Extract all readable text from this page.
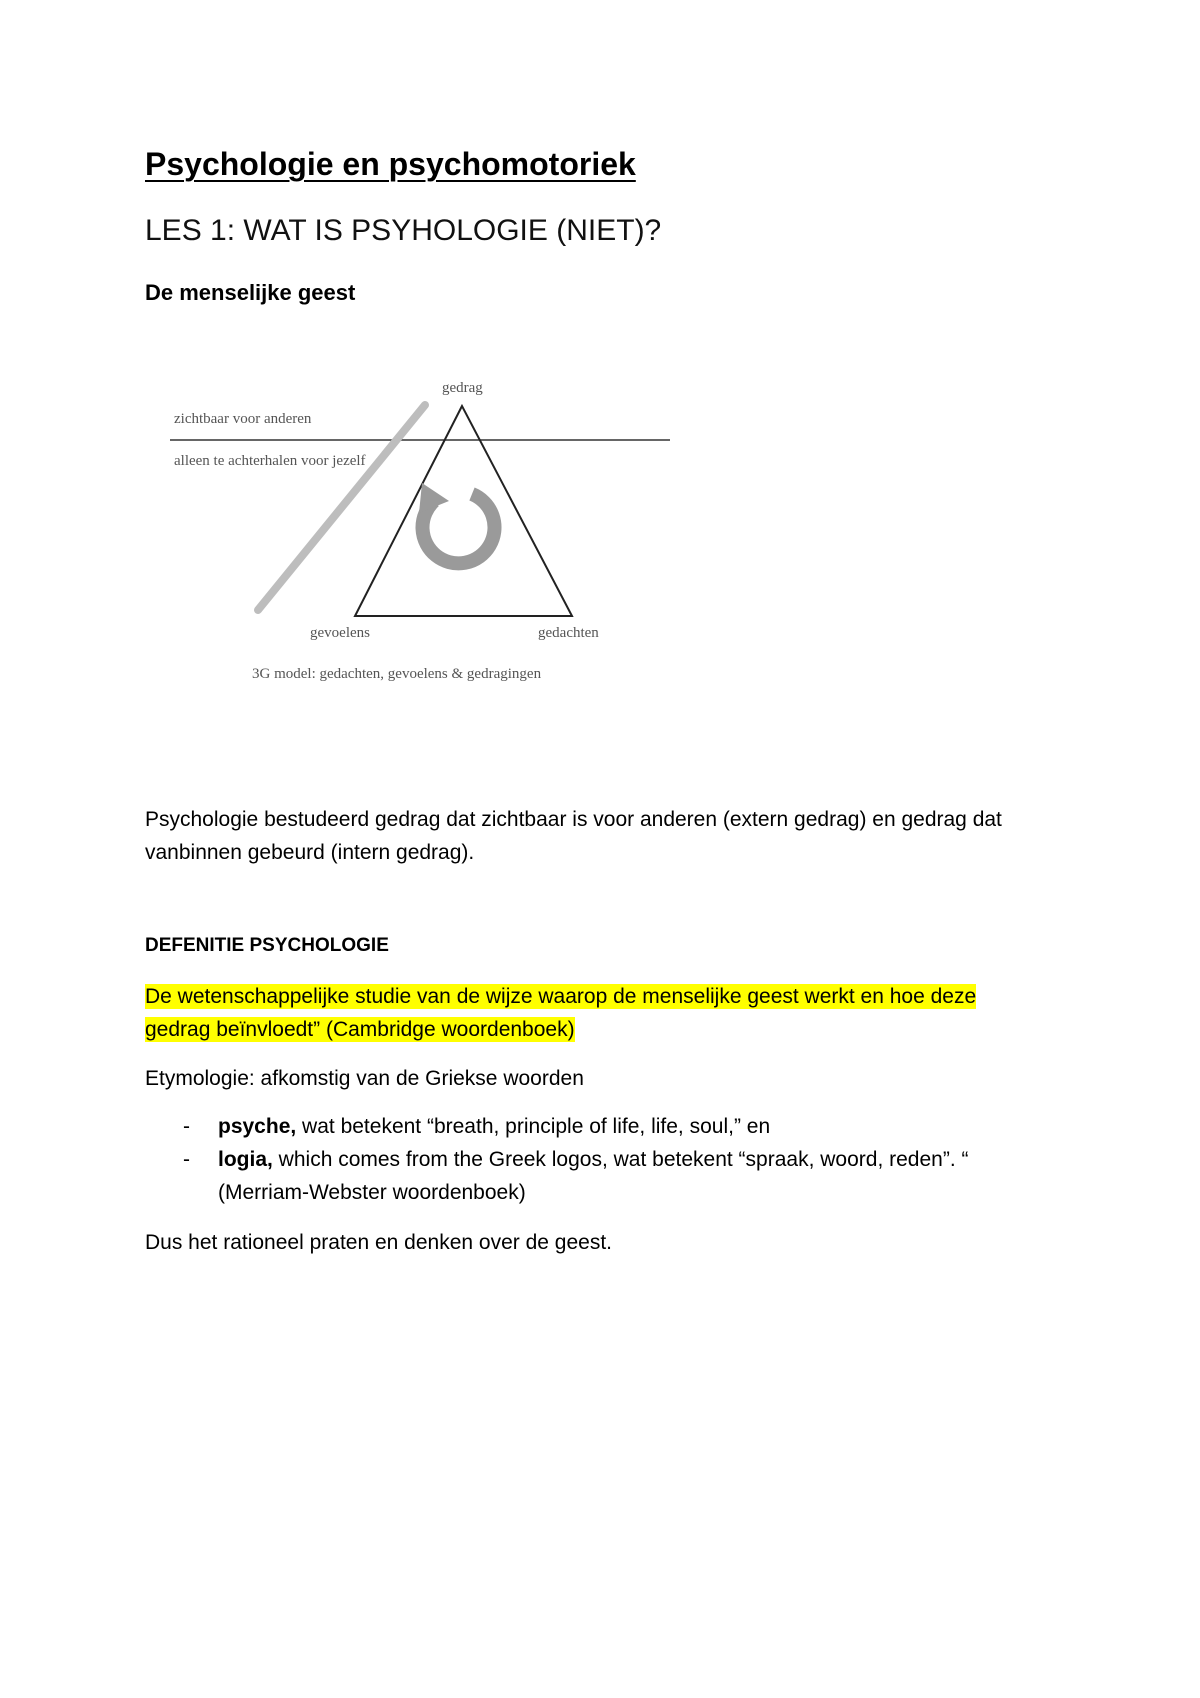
Psychologie en psychomotoriek
LES 1: WAT IS PSYHOLOGIE (NIET)?
De menselijke geest
gedrag
zichtbaar voor anderen
alleen te achterhalen voor jezelf
gevoelens	gedachten
3G model: gedachten, gevoelens & gedragingen
Psychologie bestudeerd gedrag dat zichtbaar is voor anderen (extern gedrag) en gedrag dat vanbinnen gebeurd (intern gedrag).
DEFENITIE PSYCHOLOGIE
De wetenschappelijke studie van de wijze waarop de menselijke geest werkt en hoe deze
gedrag beïnvloedt” (Cambridge woordenboek)
Etymologie: afkomstig van de Griekse woorden
-	psyche, wat betekent “breath, principle of life, life, soul,” en
-	logia, which comes from the Greek logos, wat betekent “spraak, woord, reden”. “ (Merriam-Webster woordenboek)
Dus het rationeel praten en denken over de geest.
